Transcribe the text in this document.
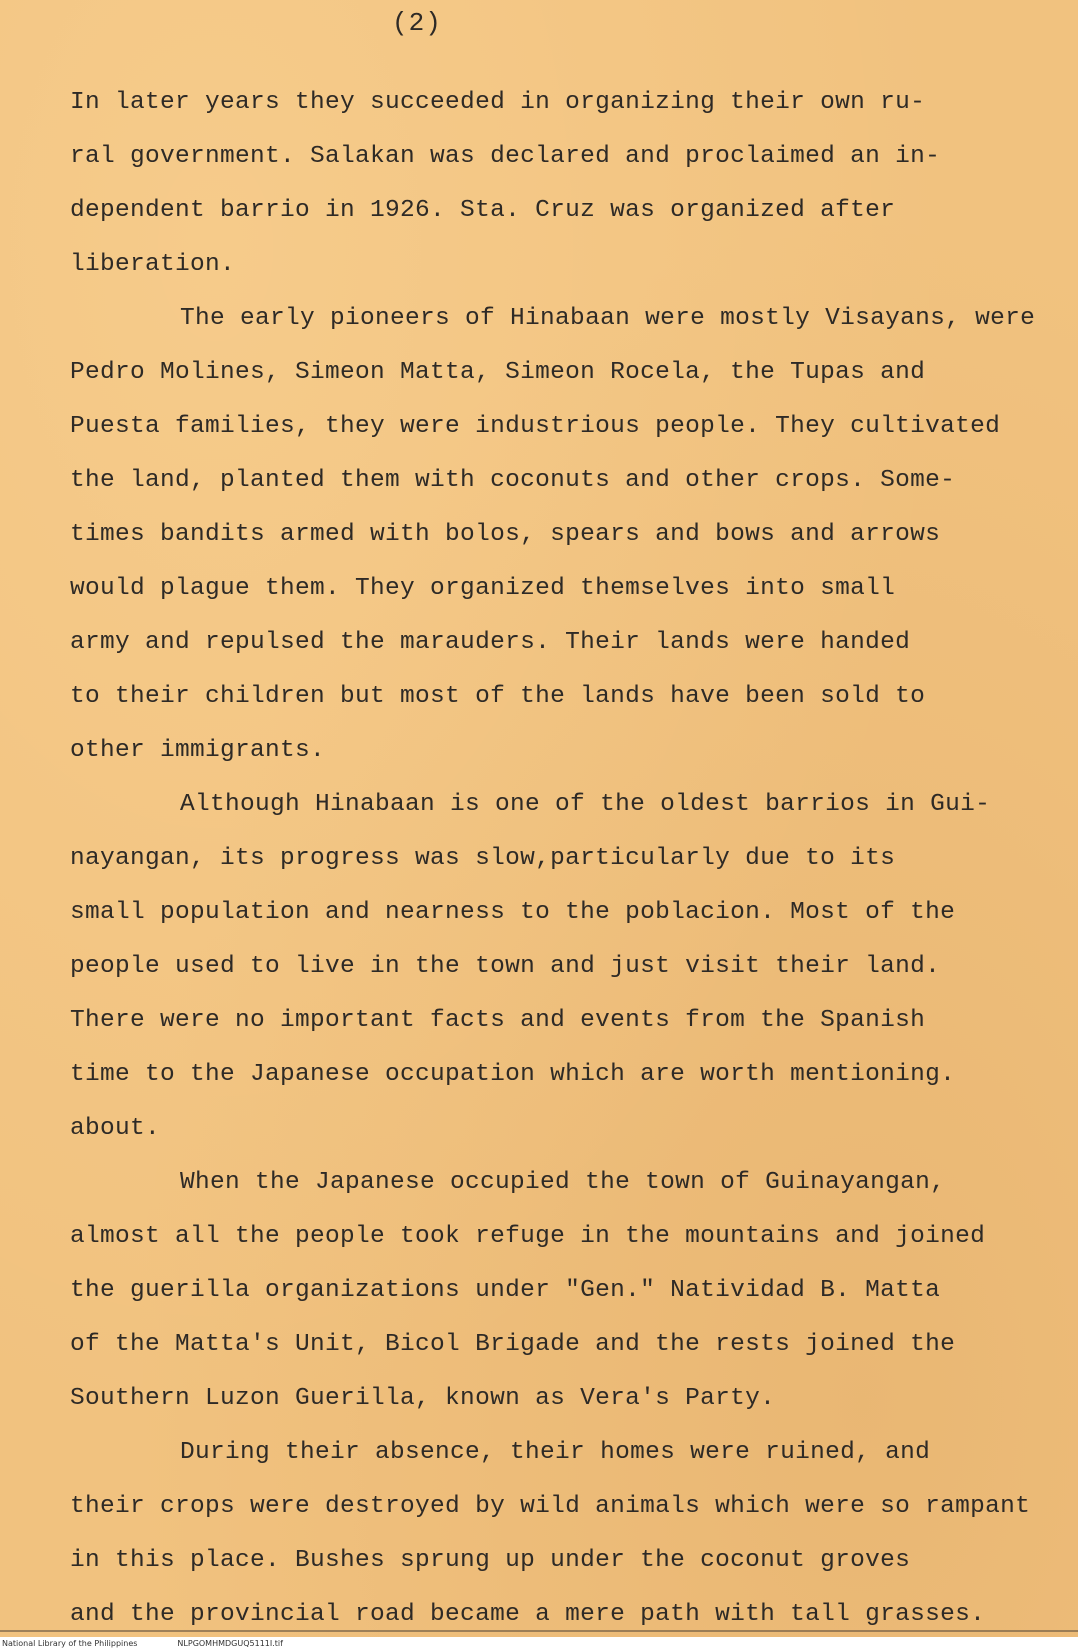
(2)
In later years they succeeded in organizing their own ru-
ral government. Salakan was declared and proclaimed an in-
dependent barrio in 1926. Sta. Cruz was organized after
liberation.
The early pioneers of Hinabaan were mostly Visayans, were
Pedro Molines, Simeon Matta, Simeon Rocela, the Tupas and
Puesta families, they were industrious people. They cultivated
the land, planted them with coconuts and other crops. Some-
times bandits armed with bolos, spears and bows and arrows
would plague them. They organized themselves into small
army and repulsed the marauders. Their lands were handed
to their children but most of the lands have been sold to
other immigrants.
Although Hinabaan is one of the oldest barrios in Gui-
nayangan, its progress was slow,particularly due to its
small population and nearness to the poblacion. Most of the
people used to live in the town and just visit their land.
There were no important facts and events from the Spanish
time to the Japanese occupation which are worth mentioning.
about.
When the Japanese occupied the town of Guinayangan,
almost all the people took refuge in the mountains and joined
the guerilla organizations under "Gen." Natividad B. Matta
of the Matta's Unit, Bicol Brigade and the rests joined the
Southern Luzon Guerilla, known as Vera's Party.
During their absence, their homes were ruined, and
their crops were destroyed by wild animals which were so rampant
in this place. Bushes sprung up under the coconut groves
and the provincial road became a mere path with tall grasses.
National Library of the Philippines	NLPGOMHMDGUQ5111I.tif
